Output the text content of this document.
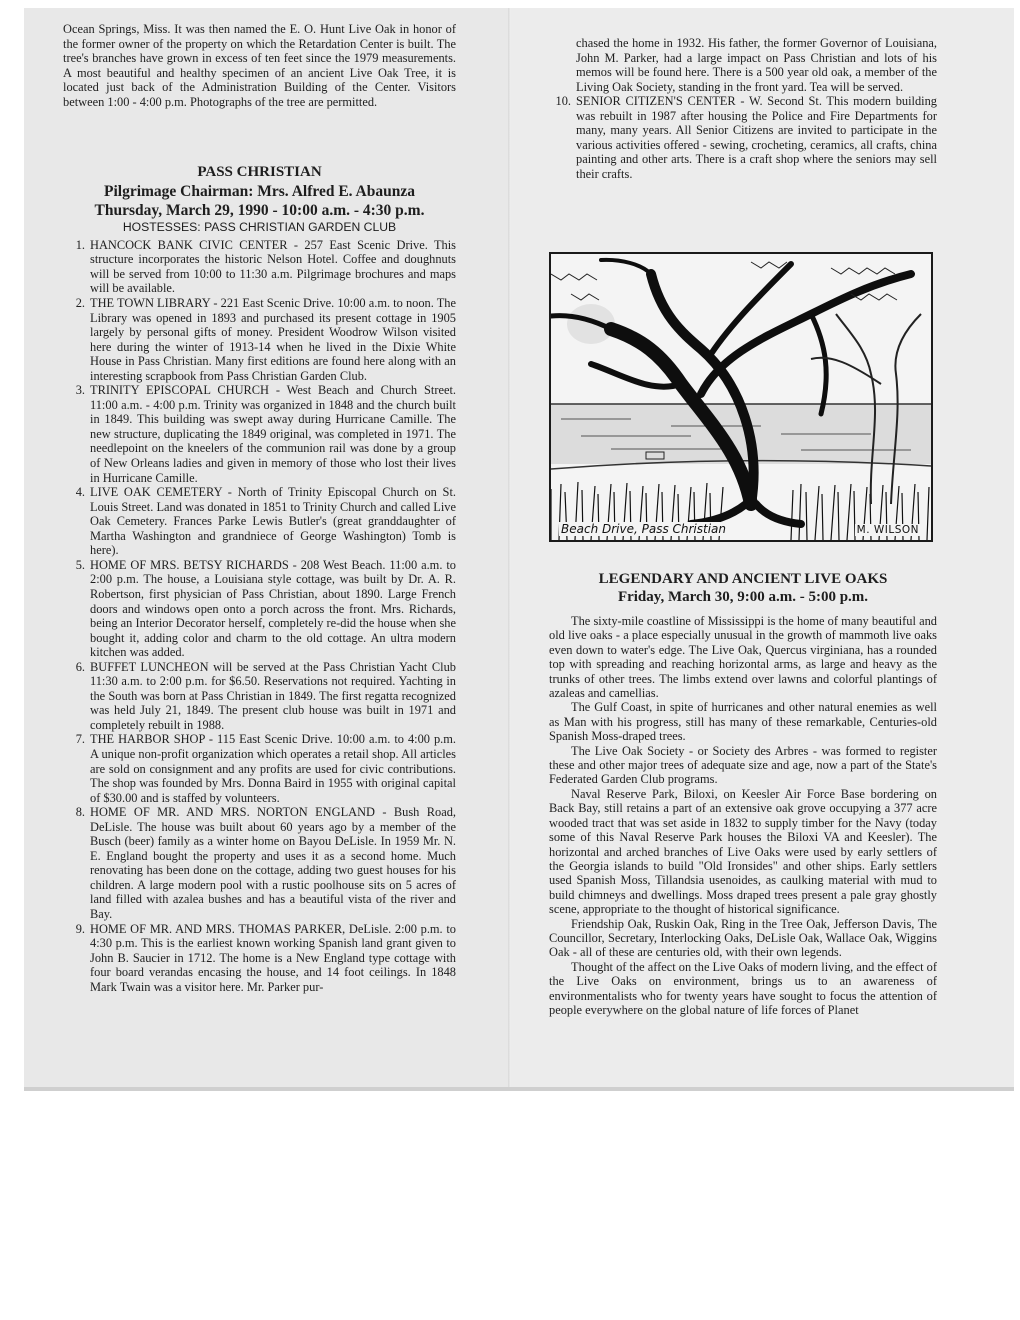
Ocean Springs, Miss. It was then named the E. O. Hunt Live Oak in honor of the former owner of the property on which the Retardation Center is built. The tree's branches have grown in excess of ten feet since the 1979 measurements. A most beautiful and healthy specimen of an ancient Live Oak Tree, it is located just back of the Administration Building of the Center. Visitors between 1:00 - 4:00 p.m. Photographs of the tree are permitted.

PASS CHRISTIAN
Pilgrimage Chairman: Mrs. Alfred E. Abaunza
Thursday, March 29, 1990 - 10:00 a.m. - 4:30 p.m.
HOSTESSES: PASS CHRISTIAN GARDEN CLUB
1. HANCOCK BANK CIVIC CENTER - 257 East Scenic Drive. This structure incorporates the historic Nelson Hotel. Coffee and doughnuts will be served from 10:00 to 11:30 a.m. Pilgrimage brochures and maps will be available.
2. THE TOWN LIBRARY - 221 East Scenic Drive. 10:00 a.m. to noon. The Library was opened in 1893 and purchased its present cottage in 1905 largely by personal gifts of money. President Woodrow Wilson visited here during the winter of 1913-14 when he lived in the Dixie White House in Pass Christian. Many first editions are found here along with an interesting scrapbook from Pass Christian Garden Club.
3. TRINITY EPISCOPAL CHURCH - West Beach and Church Street. 11:00 a.m. - 4:00 p.m. Trinity was organized in 1848 and the church built in 1849. This building was swept away during Hurricane Camille. The new structure, duplicating the 1849 original, was completed in 1971. The needlepoint on the kneelers of the communion rail was done by a group of New Orleans ladies and given in memory of those who lost their lives in Hurricane Camille.
4. LIVE OAK CEMETERY - North of Trinity Episcopal Church on St. Louis Street. Land was donated in 1851 to Trinity Church and called Live Oak Cemetery. Frances Parke Lewis Butler's (great granddaughter of Martha Washington and grandniece of George Washington) Tomb is here).
5. HOME OF MRS. BETSY RICHARDS - 208 West Beach. 11:00 a.m. to 2:00 p.m. The house, a Louisiana style cottage, was built by Dr. A. R. Robertson, first physician of Pass Christian, about 1890. Large French doors and windows open onto a porch across the front. Mrs. Richards, being an Interior Decorator herself, completely re-did the house when she bought it, adding color and charm to the old cottage. An ultra modern kitchen was added.
6. BUFFET LUNCHEON will be served at the Pass Christian Yacht Club 11:30 a.m. to 2:00 p.m. for $6.50. Reservations not required. Yachting in the South was born at Pass Christian in 1849. The first regatta recognized was held July 21, 1849. The present club house was built in 1971 and completely rebuilt in 1988.
7. THE HARBOR SHOP - 115 East Scenic Drive. 10:00 a.m. to 4:00 p.m. A unique non-profit organization which operates a retail shop. All articles are sold on consignment and any profits are used for civic contributions. The shop was founded by Mrs. Donna Baird in 1955 with original capital of $30.00 and is staffed by volunteers.
8. HOME OF MR. AND MRS. NORTON ENGLAND - Bush Road, DeLisle. The house was built about 60 years ago by a member of the Busch (beer) family as a winter home on Bayou DeLisle. In 1959 Mr. N. E. England bought the property and uses it as a second home. Much renovating has been done on the cottage, adding two guest houses for his children. A large modern pool with a rustic poolhouse sits on 5 acres of land filled with azalea bushes and has a beautiful vista of the river and Bay.
9. HOME OF MR. AND MRS. THOMAS PARKER, DeLisle. 2:00 p.m. to 4:30 p.m. This is the earliest known working Spanish land grant given to John B. Saucier in 1712. The home is a New England type cottage with four board verandas encasing the house, and 14 foot ceilings. In 1848 Mark Twain was a visitor here. Mr. Parker pur-

chased the home in 1932. His father, the former Governor of Louisiana, John M. Parker, had a large impact on Pass Christian and lots of his memos will be found here. There is a 500 year old oak, a member of the Living Oak Society, standing in the front yard. Tea will be served.

10. SENIOR CITIZEN'S CENTER - W. Second St. This modern building was rebuilt in 1987 after housing the Police and Fire Departments for many, many years. All Senior Citizens are invited to participate in the various activities offered - sewing, crocheting, ceramics, all crafts, china painting and other arts. There is a craft shop where the seniors may sell their crafts.
Beach Drive, Pass Christian	M. WILSON
LEGENDARY AND ANCIENT LIVE OAKS
Friday, March 30, 9:00 a.m. - 5:00 p.m.

The sixty-mile coastline of Mississippi is the home of many beautiful and old live oaks - a place especially unusual in the growth of mammoth live oaks even down to water's edge. The Live Oak, Quercus virginiana, has a rounded top with spreading and reaching horizontal arms, as large and heavy as the trunks of other trees. The limbs extend over lawns and colorful plantings of azaleas and camellias.

The Gulf Coast, in spite of hurricanes and other natural enemies as well as Man with his progress, still has many of these remarkable, Centuries-old Spanish Moss-draped trees.

The Live Oak Society - or Society des Arbres - was formed to register these and other major trees of adequate size and age, now a part of the State's Federated Garden Club programs.

Naval Reserve Park, Biloxi, on Keesler Air Force Base bordering on Back Bay, still retains a part of an extensive oak grove occupying a 377 acre wooded tract that was set aside in 1832 to supply timber for the Navy (today some of this Naval Reserve Park houses the Biloxi VA and Keesler). The horizontal and arched branches of Live Oaks were used by early settlers of the Georgia islands to build "Old Ironsides" and other ships. Early settlers used Spanish Moss, Tillandsia usenoides, as caulking material with mud to build chimneys and dwellings. Moss draped trees present a pale gray ghostly scene, appropriate to the thought of historical significance.

Friendship Oak, Ruskin Oak, Ring in the Tree Oak, Jefferson Davis, The Councillor, Secretary, Interlocking Oaks, DeLisle Oak, Wallace Oak, Wiggins Oak - all of these are centuries old, with their own legends.

Thought of the affect on the Live Oaks of modern living, and the effect of the Live Oaks on environment, brings us to an awareness of environmentalists who for twenty years have sought to focus the attention of people everywhere on the global nature of life forces of Planet
